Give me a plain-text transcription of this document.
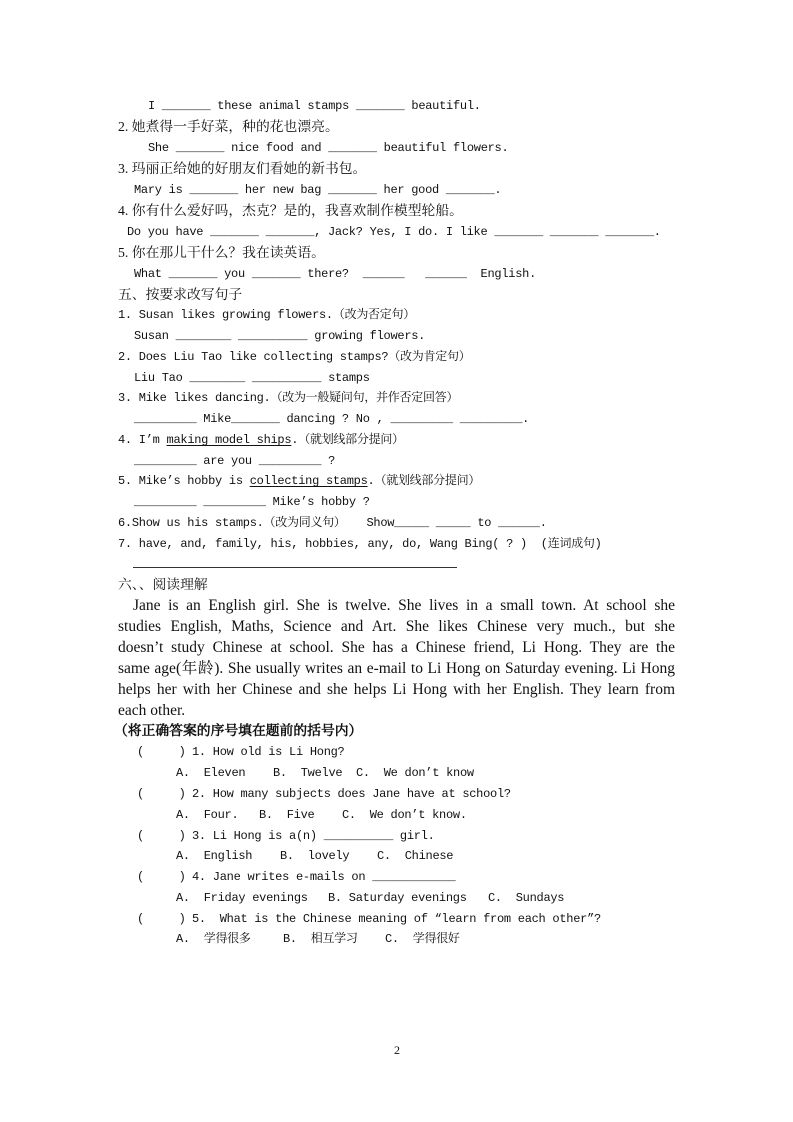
I _______ these animal stamps _______ beautiful.
2. 她煮得一手好菜，种的花也漂亮。
She _______ nice food and _______ beautiful flowers.
3. 玛丽正给她的好朋友们看她的新书包。
Mary is _______ her new bag _______ her good _______.
4. 你有什么爱好吗，杰克？是的，我喜欢制作模型轮船。
Do you have _______ _______, Jack? Yes, I do. I like _______ _______ _______.
5. 你在那儿干什么？我在读英语。
What _______ you _______ there?  ______   ______  English.
五、按要求改写句子
1. Susan likes growing flowers.（改为否定句）
Susan ________ __________ growing flowers.
2. Does Liu Tao like collecting stamps?（改为肯定句）
Liu Tao ________ __________ stamps
3. Mike likes dancing.（改为一般疑问句，并作否定回答）
_________ Mike_______ dancing ? No , _________ _________.
4. I’m making model ships.（就划线部分提问）
_________ are you _________ ?
5. Mike’s hobby is collecting stamps.（就划线部分提问）
_________ _________ Mike’s hobby ?
6.Show us his stamps.（改为同义句）   Show_____ _____ to ______.
7. have, and, family, his, hobbies, any, do, Wang Bing( ? )  (连词成句)
六、、阅读理解
Jane is an English girl. She is twelve. She lives in a small town. At school she
studies English, Maths, Science and Art. She likes Chinese very much., but she
doesn’t study Chinese at school. She has a Chinese friend, Li Hong. They are the
same age(年龄). She usually writes an e-mail to Li Hong on Saturday evening. Li Hong
helps her with her Chinese and she helps Li Hong with her English. They learn from
each other.
（将正确答案的序号填在题前的括号内）
(     ) 1. How old is Li Hong?
A.  Eleven B.  Twelve C.  We don’t know
(     ) 2. How many subjects does Jane have at school?
A.  Four. B.  Five C.  We don’t know.
(     ) 3. Li Hong is a(n) __________ girl.
A.  English B.  lovely C.  Chinese
(     ) 4. Jane writes e-mails on ____________
A.  Friday evenings B. Saturday evenings C.  Sundays
(     ) 5.  What is the Chinese meaning of “learn from each other”?
A.  学得很多	B.  相互学习 C.  学得很好
2
